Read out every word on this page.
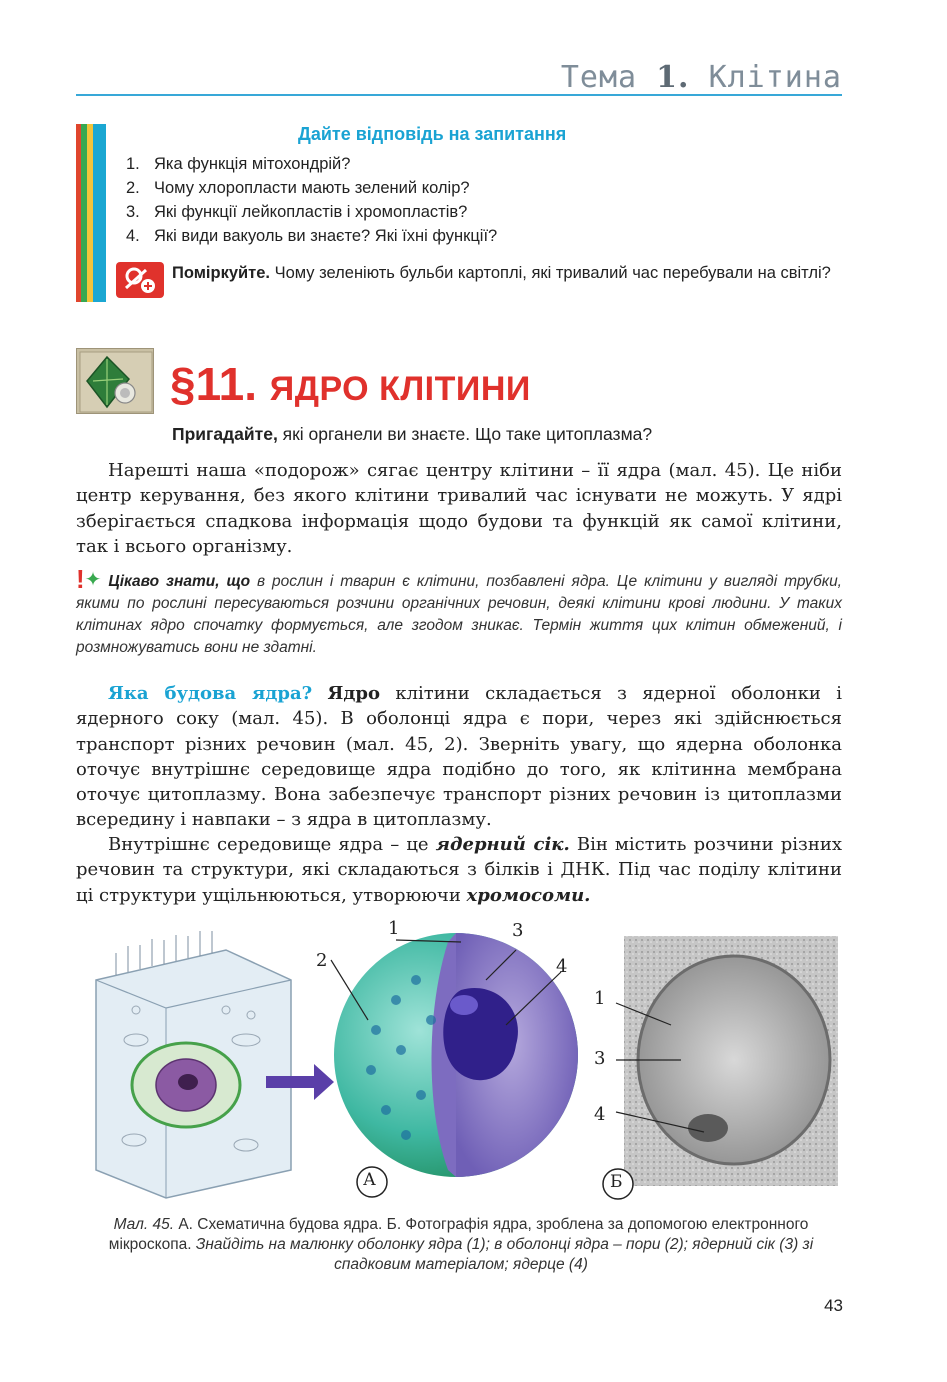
Тема 1. Клітина
Дайте відповідь на запитання
1. Яка функція мітохондрій?
2. Чому хлоропласти мають зелений колір?
3. Які функції лейкопластів і хромопластів?
4. Які види вакуоль ви знаєте? Які їхні функції?
Поміркуйте. Чому зеленіють бульби картоплі, які тривалий час перебували на світлі?
§11. ЯДРО КЛІТИНИ
Пригадайте, які органели ви знаєте. Що таке цитоплазма?

Нарешті наша «подорож» сягає центру клітини – її ядра (мал. 45). Це ніби центр керування, без якого клітини тривалий час існувати не можуть. У ядрі зберігається спадкова інформація щодо будови та функцій як самої клітини, так і всього організму.

!✦ Цікаво знати, що в рослин і тварин є клітини, позбавлені ядра. Це клітини у вигляді трубки, якими по рослині пересуваються розчини органічних речовин, деякі клітини крові людини. У таких клітинах ядро спочатку формується, але згодом зникає. Термін життя цих клітин обмежений, і розмножуватись вони не здатні.

Яка будова ядра? Ядро клітини складається з ядерної оболонки і ядерного соку (мал. 45). В оболонці ядра є пори, через які здійснюється транспорт різних речовин (мал. 45, 2). Зверніть увагу, що ядерна оболонка оточує внутрішнє середовище ядра подібно до того, як клітинна мембрана оточує цитоплазму. Вона забезпечує транспорт різних речовин із цитоплазми всередину і навпаки – з ядра в цитоплазму.

Внутрішнє середовище ядра – це ядерний сік. Він містить розчини різних речовин та структури, які складаються з білків і ДНК. Під час поділу клітини ці структури ущільнюються, утворюючи хромосоми.

1
2
3
4
1
3
4
А	Б
Мал. 45. А. Схематична будова ядра. Б. Фотографія ядра, зроблена за допомогою електронного мікроскопа. Знайдіть на малюнку оболонку ядра (1); в оболонці ядра – пори (2); ядерний сік (3) зі спадковим матеріалом; ядерце (4)
43
